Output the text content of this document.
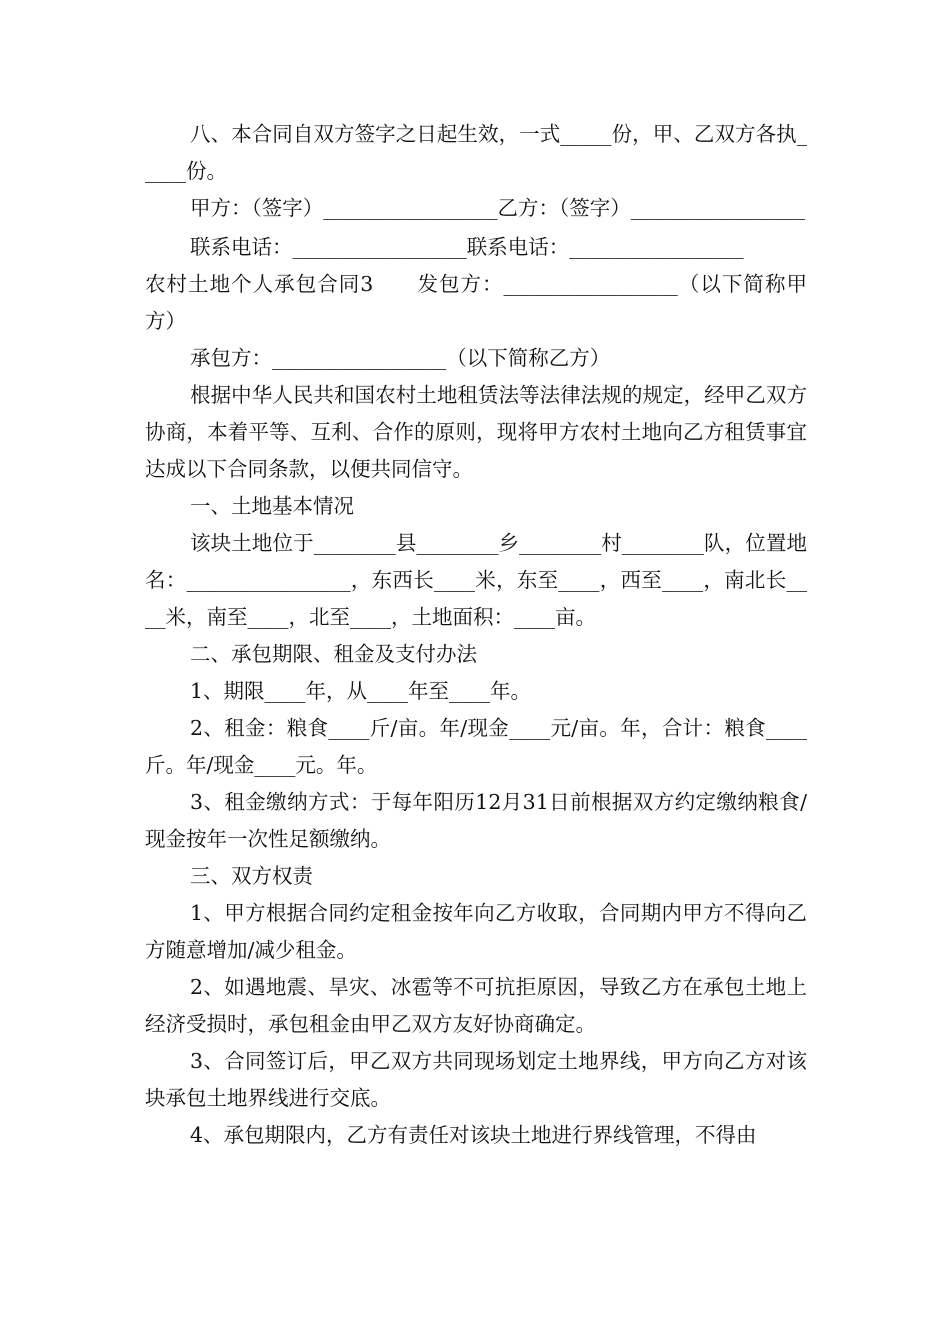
八、本合同自双方签字之日起生效，一式_____份，甲、乙双方各执_____份。

甲方：（签字）_________________乙方：（签字）_________________

联系电话：_________________联系电话：_________________

农村土地个人承包合同3　　发包方：_________________（以下简称甲方）

承包方：_________________（以下简称乙方）

根据中华人民共和国农村土地租赁法等法律法规的规定，经甲乙双方协商，本着平等、互利、合作的原则，现将甲方农村土地向乙方租赁事宜达成以下合同条款，以便共同信守。

一、土地基本情况

该块土地位于________县________乡________村________队，位置地名：________________，东西长____米，东至____，西至____，南北长____米，南至____，北至____，土地面积：____亩。

二、承包期限、租金及支付办法

1、期限____年，从____年至____年。

2、租金：粮食____斤/亩。年/现金____元/亩。年，合计：粮食____斤。年/现金____元。年。

3、租金缴纳方式：于每年阳历12月31日前根据双方约定缴纳粮食/现金按年一次性足额缴纳。

三、双方权责

1、甲方根据合同约定租金按年向乙方收取，合同期内甲方不得向乙方随意增加/减少租金。

2、如遇地震、旱灾、冰雹等不可抗拒原因，导致乙方在承包土地上经济受损时，承包租金由甲乙双方友好协商确定。

3、合同签订后，甲乙双方共同现场划定土地界线，甲方向乙方对该块承包土地界线进行交底。

4、承包期限内，乙方有责任对该块土地进行界线管理，不得由
